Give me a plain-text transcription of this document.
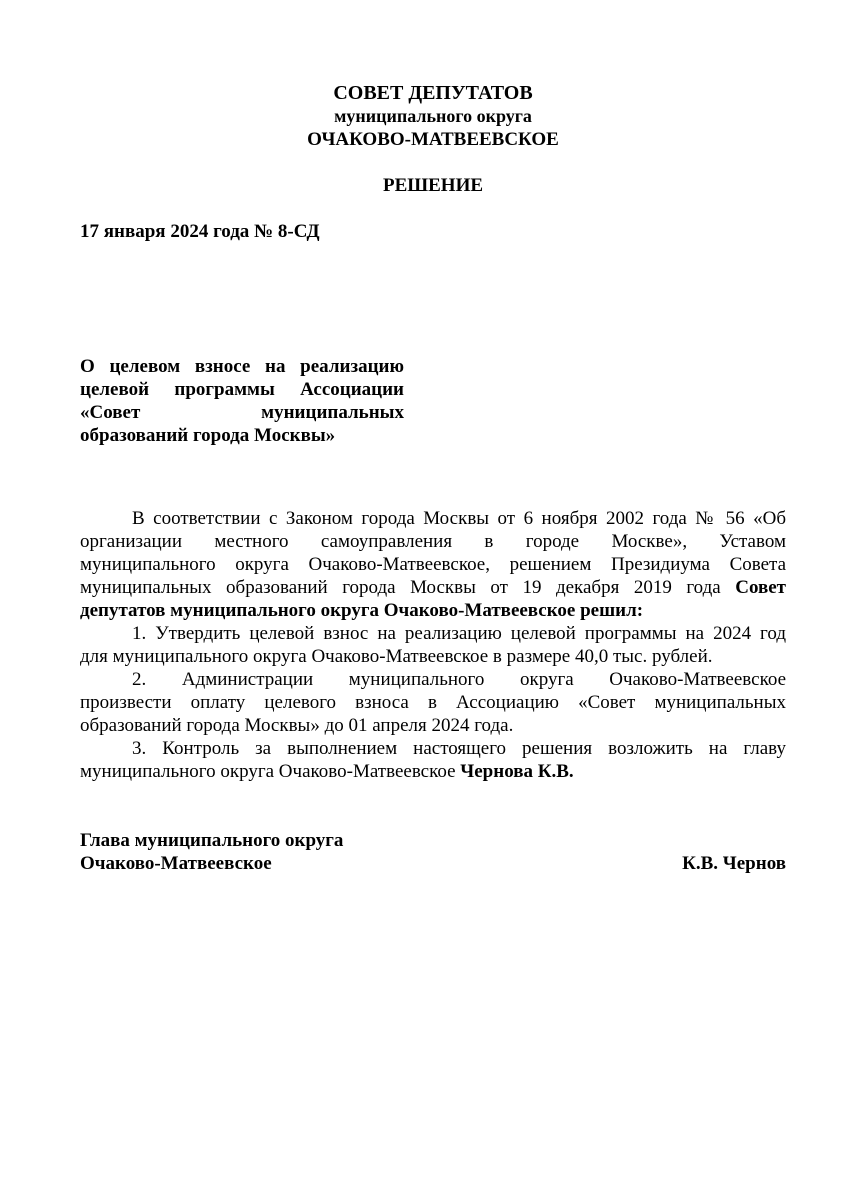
СОВЕТ ДЕПУТАТОВ
муниципального округа
ОЧАКОВО-МАТВЕЕВСКОЕ
РЕШЕНИЕ
17 января 2024 года № 8-СД
О целевом взносе на реализацию
целевой программы Ассоциации
«Совет муниципальных
образований города Москвы»
В соответствии с Законом города Москвы от 6 ноября 2002 года № 56 «Об
организации местного самоуправления в городе Москве», Уставом
муниципального округа Очаково-Матвеевское, решением Президиума Совета
муниципальных образований города Москвы от 19 декабря 2019 года Совет
депутатов муниципального округа Очаково-Матвеевское решил:
1. Утвердить целевой взнос на реализацию целевой программы на 2024 год
для муниципального округа Очаково-Матвеевское в размере 40,0 тыс. рублей.
2. Администрации муниципального округа Очаково-Матвеевское
произвести оплату целевого взноса в Ассоциацию «Совет муниципальных
образований города Москвы» до 01 апреля 2024 года.
3. Контроль за выполнением настоящего решения возложить на главу
муниципального округа Очаково-Матвеевское Чернова К.В.
Глава муниципального округа
Очаково-Матвеевское	К.В. Чернов
